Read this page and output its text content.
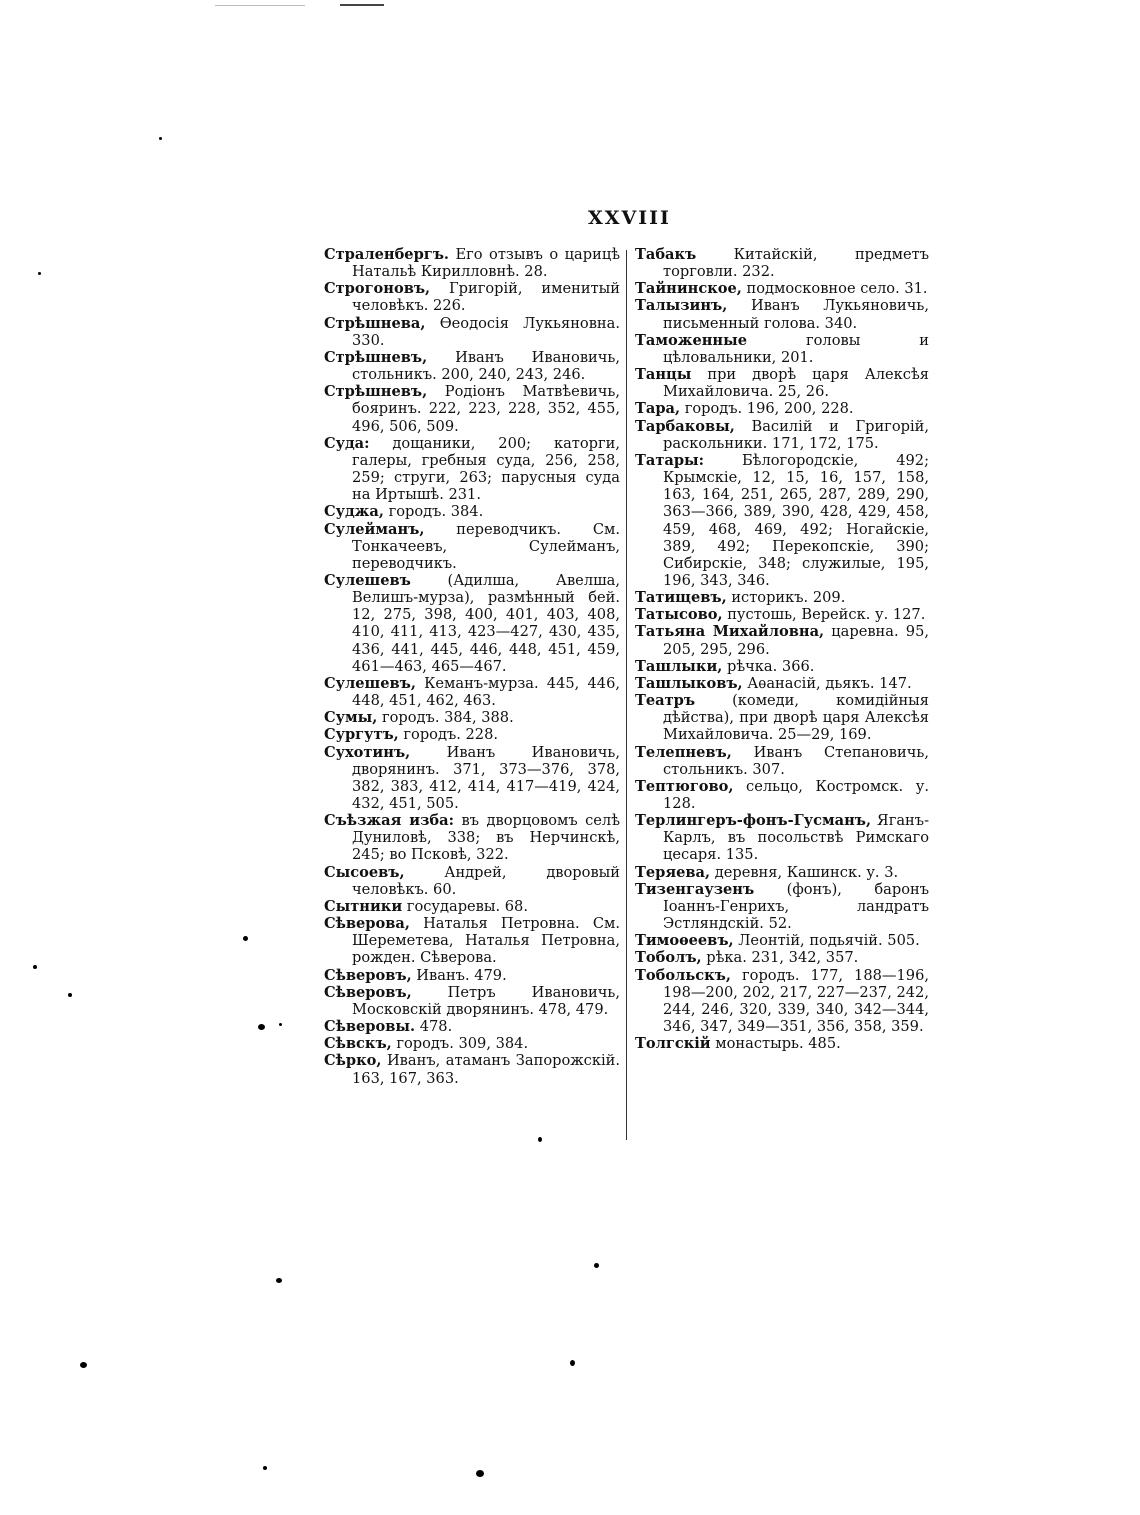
XXVIII

Страленбергъ. Его отзывъ о царицѣ Натальѣ Кирилловнѣ. 28.

Строгоновъ, Григорій, именитый человѣкъ. 226.

Стрѣшнева, Ѳеодосія Лукьяновна. 330.

Стрѣшневъ, Иванъ Ивановичь, стольникъ. 200, 240, 243, 246.

Стрѣшневъ, Родіонъ Матвѣевичь, бояринъ. 222, 223, 228, 352, 455, 496, 506, 509.

Суда: дощаники, 200; каторги, галеры, гребныя суда, 256, 258, 259; струги, 263; парусныя суда на Иртышѣ. 231.

Суджа, городъ. 384.

Сулейманъ, переводчикъ. См. Тонкачеевъ, Сулейманъ, переводчикъ.

Сулешевъ (Адилша, Авелша, Велишъ-мурза), размѣнный бей. 12, 275, 398, 400, 401, 403, 408, 410, 411, 413, 423—427, 430, 435, 436, 441, 445, 446, 448, 451, 459, 461—463, 465—467.

Сулешевъ, Кеманъ-мурза. 445, 446, 448, 451, 462, 463.

Сумы, городъ. 384, 388.

Сургутъ, городъ. 228.

Сухотинъ, Иванъ Ивановичь, дворянинъ. 371, 373—376, 378, 382, 383, 412, 414, 417—419, 424, 432, 451, 505.

Съѣзжая изба: въ дворцовомъ селѣ Дуниловѣ, 338; въ Нерчинскѣ, 245; во Псковѣ, 322.

Сысоевъ, Андрей, дворовый человѣкъ. 60.

Сытники государевы. 68.

Сѣверова, Наталья Петровна. См. Шереметева, Наталья Петровна, рожден. Сѣверова.

Сѣверовъ, Иванъ. 479.

Сѣверовъ, Петръ Ивановичь, Московскій дворянинъ. 478, 479.

Сѣверовы. 478.

Сѣвскъ, городъ. 309, 384.

Сѣрко, Иванъ, атаманъ Запорожскій. 163, 167, 363.

Табакъ Китайскій, предметъ торговли. 232.

Тайнинское, подмосковное село. 31.

Талызинъ, Иванъ Лукьяновичь, письменный голова. 340.

Таможенные головы и цѣловальники, 201.

Танцы при дворѣ царя Алексѣя Михайловича. 25, 26.

Тара, городъ. 196, 200, 228.

Тарбаковы, Василій и Григорій, раскольники. 171, 172, 175.

Татары: Бѣлогородскіе, 492; Крымскіе, 12, 15, 16, 157, 158, 163, 164, 251, 265, 287, 289, 290, 363—366, 389, 390, 428, 429, 458, 459, 468, 469, 492; Ногайскіе, 389, 492; Перекопскіе, 390; Сибирскіе, 348; служилые, 195, 196, 343, 346.

Татищевъ, историкъ. 209.

Татысово, пустошь, Верейск. у. 127.

Татьяна Михайловна, царевна. 95, 205, 295, 296.

Ташлыки, рѣчка. 366.

Ташлыковъ, Аѳанасій, дьякъ. 147.

Театръ (комеди, комидійныя дѣйства), при дворѣ царя Алексѣя Михайловича. 25—29, 169.

Телепневъ, Иванъ Степановичь, стольникъ. 307.

Тептюгово, сельцо, Костромск. у. 128.

Терлингеръ-фонъ-Гусманъ, Яганъ-Карлъ, въ посольствѣ Римскаго цесаря. 135.

Теряева, деревня, Кашинск. у. 3.

Тизенгаузенъ (фонъ), баронъ Іоаннъ-Генрихъ, ландратъ Эстляндскій. 52.

Тимоѳеевъ, Леонтій, подьячій. 505.

Тоболъ, рѣка. 231, 342, 357.

Тобольскъ, городъ. 177, 188—196, 198—200, 202, 217, 227—237, 242, 244, 246, 320, 339, 340, 342—344, 346, 347, 349—351, 356, 358, 359.

Толгскій монастырь. 485.
